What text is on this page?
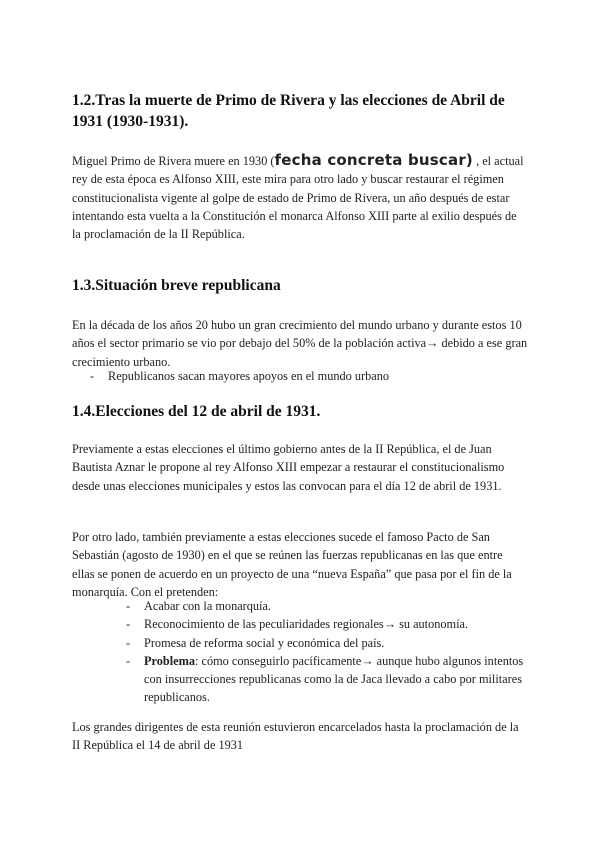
1.2.Tras la muerte de Primo de Rivera y las elecciones de Abril de
1931 (1930-1931).

Miguel Primo de Rivera muere en 1930 (fecha concreta buscar) , el actual rey de esta época es Alfonso XIII, este mira para otro lado y buscar restaurar el régimen constitucionalista vigente al golpe de estado de Primo de Rivera, un año después de estar intentando esta vuelta a la Constitución el monarca Alfonso XIII parte al exilio después de la proclamación de la II República.

1.3.Situación breve republicana

En la década de los años 20 hubo un gran crecimiento del mundo urbano y durante estos 10 años el sector primario se vio por debajo del 50% de la población activa→ debido a ese gran crecimiento urbano.

- Republicanos sacan mayores apoyos en el mundo urbano
1.4.Elecciones del 12 de abril de 1931.

Previamente a estas elecciones el último gobierno antes de la II República, el de Juan Bautista Aznar le propone al rey Alfonso XIII empezar a restaurar el constitucionalismo desde unas elecciones municipales y estos las convocan para el día 12 de abril de 1931.

Por otro lado, también previamente a estas elecciones sucede el famoso Pacto de San Sebastián (agosto de 1930) en el que se reúnen las fuerzas republicanas en las que entre ellas se ponen de acuerdo en un proyecto de una “nueva España” que pasa por el fin de la monarquía. Con el pretenden:

- Acabar con la monarquía.
- Reconocimiento de las peculiaridades regionales→ su autonomía.
- Promesa de reforma social y económica del país.
- Problema: cómo conseguirlo pacíficamente→ aunque hubo algunos intentos con insurrecciones republicanas como la de Jaca llevado a cabo por militares republicanos.

Los grandes dirigentes de esta reunión estuvieron encarcelados hasta la proclamación de la II República el 14 de abril de 1931
